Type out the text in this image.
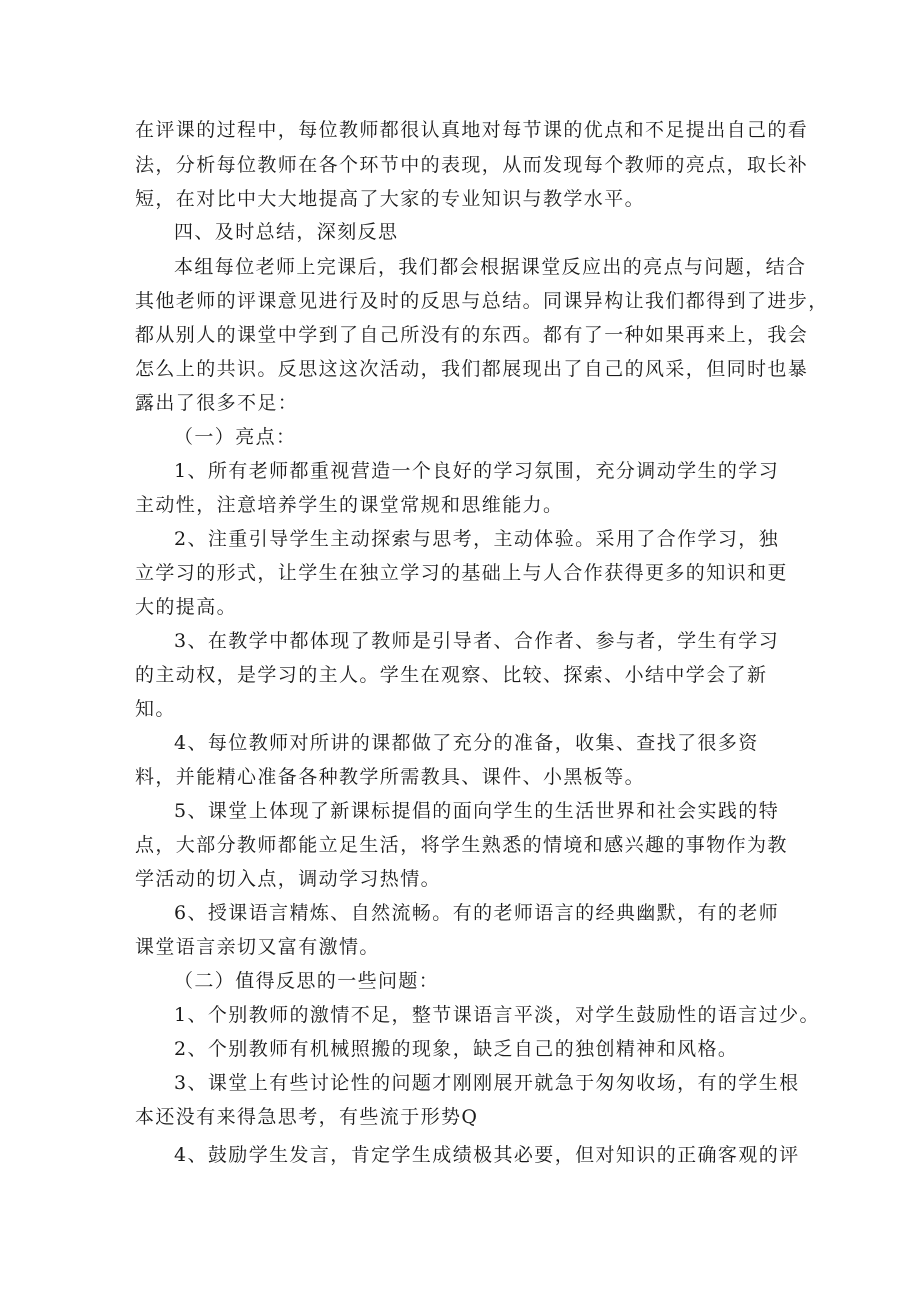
在评课的过程中，每位教师都很认真地对每节课的优点和不足提出自己的看
法，分析每位教师在各个环节中的表现，从而发现每个教师的亮点，取长补
短，在对比中大大地提高了大家的专业知识与教学水平。
四、及时总结，深刻反思
本组每位老师上完课后，我们都会根据课堂反应出的亮点与问题，结合
其他老师的评课意见进行及时的反思与总结。同课异构让我们都得到了进步，
都从别人的课堂中学到了自己所没有的东西。都有了一种如果再来上，我会
怎么上的共识。反思这这次活动，我们都展现出了自己的风采，但同时也暴
露出了很多不足：
（一）亮点：
1、所有老师都重视营造一个良好的学习氛围，充分调动学生的学习
主动性，注意培养学生的课堂常规和思维能力。
2、注重引导学生主动探索与思考，主动体验。采用了合作学习，独
立学习的形式，让学生在独立学习的基础上与人合作获得更多的知识和更
大的提高。
3、在教学中都体现了教师是引导者、合作者、参与者，学生有学习
的主动权，是学习的主人。学生在观察、比较、探索、小结中学会了新
知。
4、每位教师对所讲的课都做了充分的准备，收集、查找了很多资
料，并能精心准备各种教学所需教具、课件、小黑板等。
5、课堂上体现了新课标提倡的面向学生的生活世界和社会实践的特
点，大部分教师都能立足生活，将学生熟悉的情境和感兴趣的事物作为教
学活动的切入点，调动学习热情。
6、授课语言精炼、自然流畅。有的老师语言的经典幽默，有的老师
课堂语言亲切又富有激情。
（二）值得反思的一些问题：
1、个别教师的激情不足，整节课语言平淡，对学生鼓励性的语言过少。
2、个别教师有机械照搬的现象，缺乏自己的独创精神和风格。
3、课堂上有些讨论性的问题才刚刚展开就急于匆匆收场，有的学生根
本还没有来得急思考，有些流于形势Q
4、鼓励学生发言，肯定学生成绩极其必要，但对知识的正确客观的评
